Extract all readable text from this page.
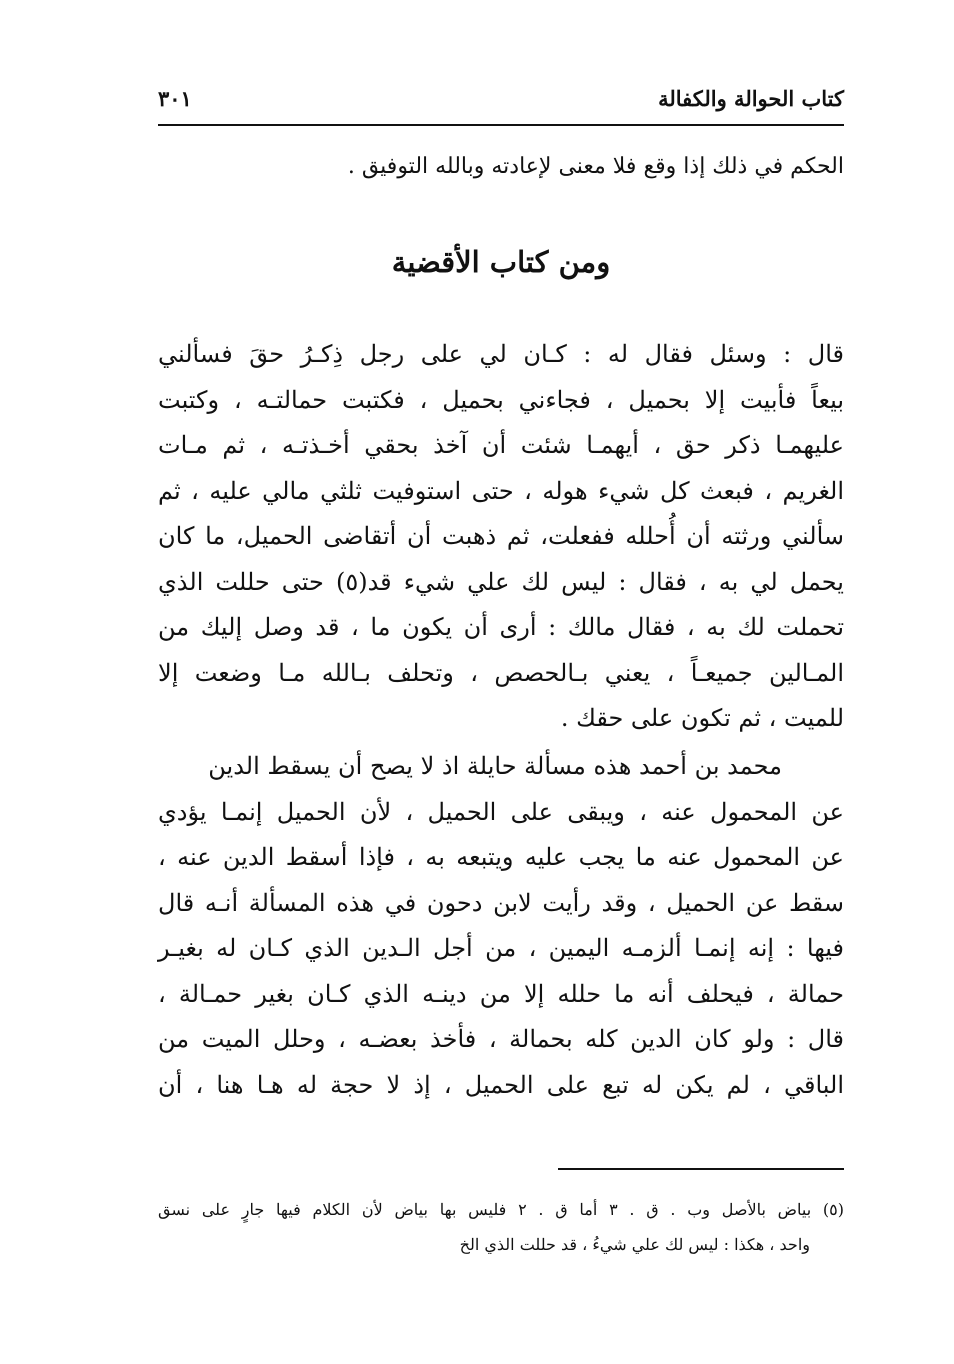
كتاب الحوالة والكفالة
٣٠١
الحكم في ذلك إذا وقع فلا معنى لإعادته وبالله التوفيق .
ومن كتاب الأقضية
قال : وسئل فقال له : كـان لي على رجل ذِكـرُ حقَ فسألني
بيعاً فأبيت إلا بحميل ، فجاءني بحميل ، فكتبت حمالتـه ، وكتبت
عليهمـا ذكر حق ، أيهمـا شئت أن آخذ بحقي أخـذتـه ، ثم مـات
الغريم ، فبعث كل شيء هوله ، حتى استوفيت ثلثي مالي عليه ، ثم
سألني ورثته أن أُحلله ففعلت، ثم ذهبت أن أتقاضى الحميل، ما كان
يحمل لي به ، فقال : ليس لك علي شيء قد(٥) حتى حللت الذي
تحملت لك به ، فقال مالك : أرى أن يكون ما ، قد وصل إليك من
المـالين جميعـاً ، يعني بـالحصص ، وتحلف بـالله مـا وضعت إلا
للميت ، ثم تكون على حقك .
محمد بن أحمد هذه مسألة حايلة اذ لا يصح أن يسقط الدين
عن المحمول عنه ، ويبقى على الحميل ، لأن الحميل إنمـا يؤدي
عن المحمول عنه ما يجب عليه ويتبعه به ، فإذا أسقط الدين عنه ،
سقط عن الحميل ، وقد رأيت لابن دحون في هذه المسألة أنـه قال
فيها : إنه إنمـا ألزمـه اليمين ، من أجل الـدين الذي كـان له بغيـر
حمالة ، فيحلف أنه ما حلله إلا من دينـه الذي كـان بغير حمـالة ،
قال : ولو كان الدين كله بحمالة ، فأخذ بعضـه ، وحلل الميت من
الباقي ، لم يكن له تبع على الحميل ، إذ لا حجة له هـا هنا ، أن
(٥) بياض بالأصل وب . ق . ٣ أما ق . ٢ فليس بها بياض لأن الكلام فيها جارٍ على نسق
واحد ، هكذا : ليس لك علي شيءُ ، قد حللت الذي الخ
